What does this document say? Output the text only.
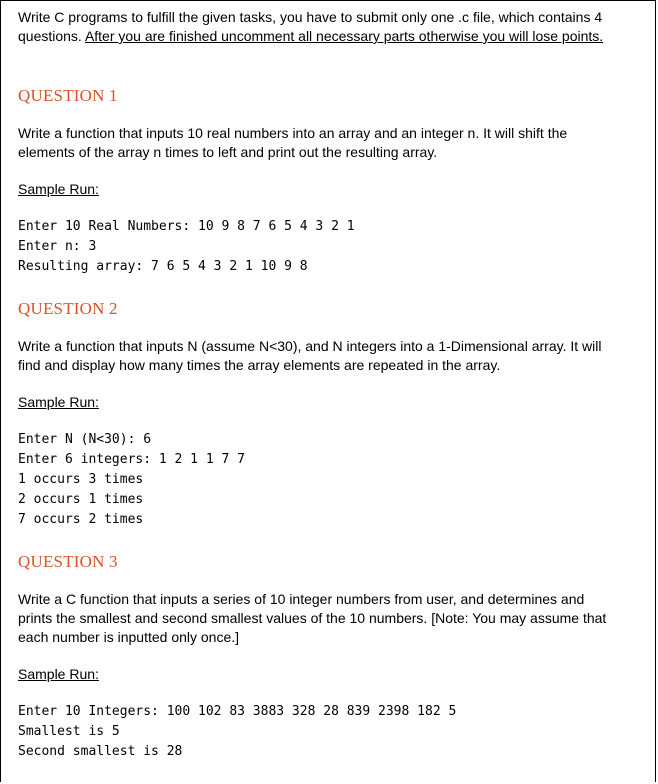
Write C programs to fulfill the given tasks, you have to submit only one .c file, which contains 4 questions. After you are finished uncomment all necessary parts otherwise you will lose points.

QUESTION 1

Write a function that inputs 10 real numbers into an array and an integer n. It will shift the elements of the array n times to left and print out the resulting array.

Sample Run:

Enter 10 Real Numbers: 10 9 8 7 6 5 4 3 2 1

Enter n: 3

Resulting array: 7 6 5 4 3 2 1 10 9 8

QUESTION 2

Write a function that inputs N (assume N<30), and N integers into a 1-Dimensional array. It will find and display how many times the array elements are repeated in the array.

Sample Run:

Enter N (N<30): 6

Enter 6 integers: 1 2 1 1 7 7

1 occurs 3 times

2 occurs 1 times

7 occurs 2 times

QUESTION 3

Write a C function that inputs a series of 10 integer numbers from user, and determines and prints the smallest and second smallest values of the 10 numbers. [Note: You may assume that each number is inputted only once.]

Sample Run:

Enter 10 Integers: 100 102 83 3883 328 28 839 2398 182 5

Smallest is 5

Second smallest is 28
